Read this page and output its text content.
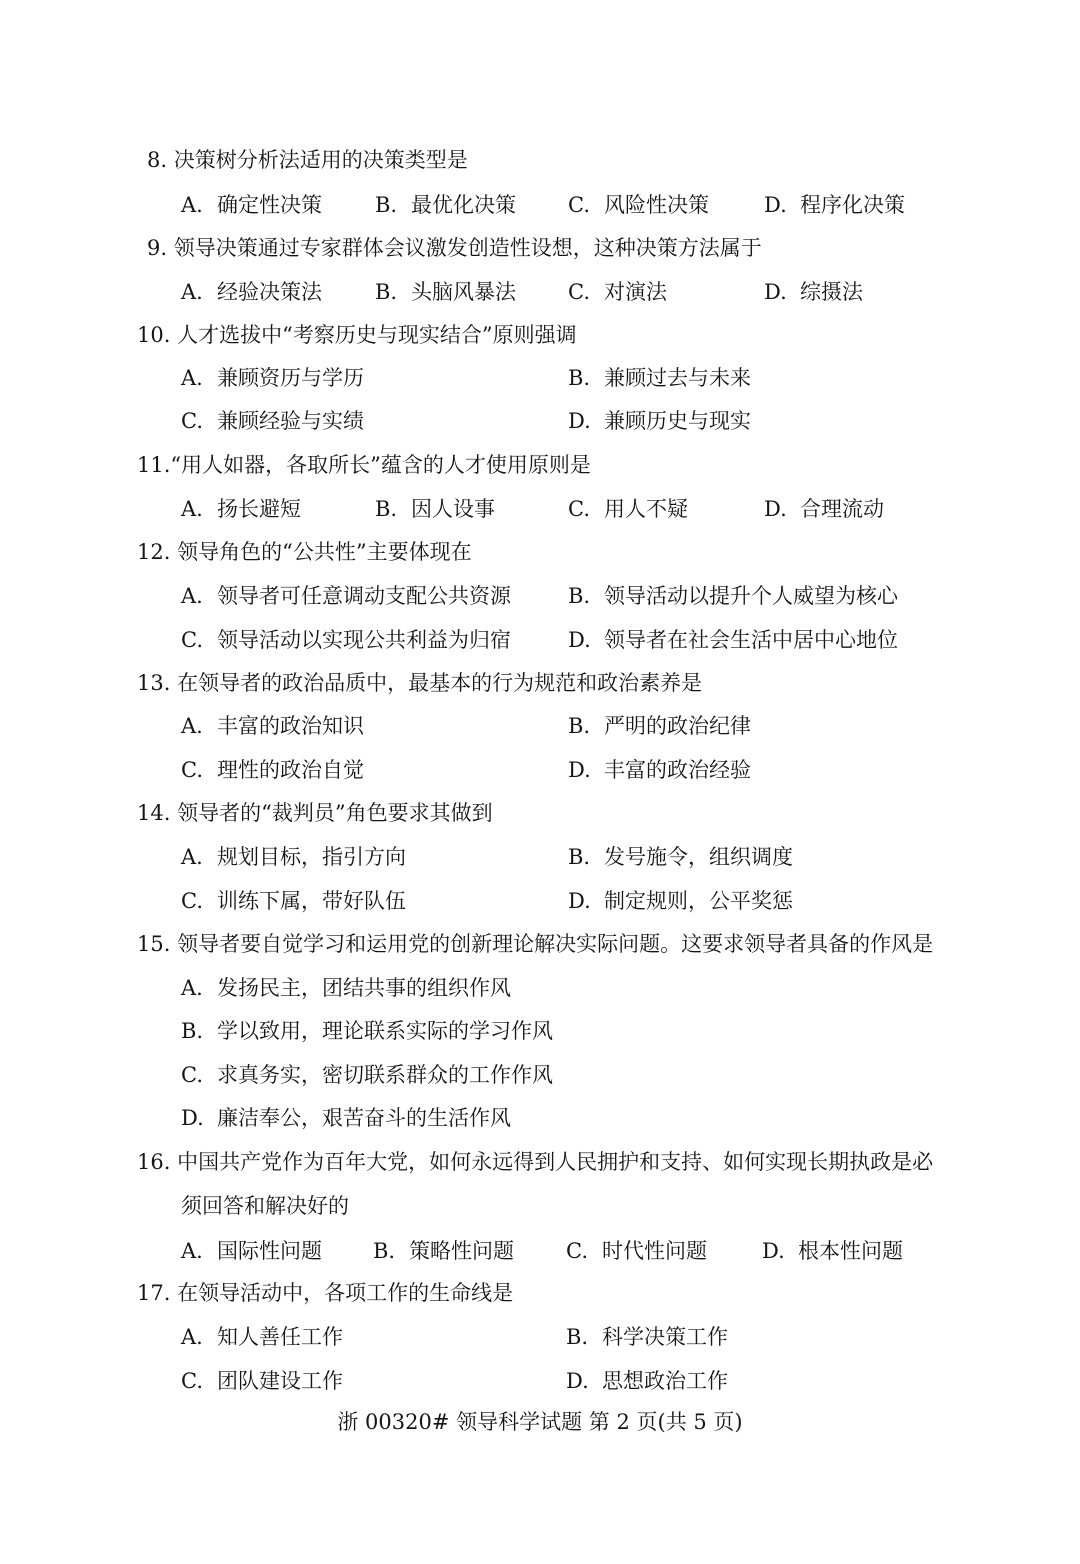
8. 决策树分析法适用的决策类型是
A. 确定性决策	B. 最优化决策 C. 风险性决策	D. 程序化决策
9. 领导决策通过专家群体会议激发创造性设想，这种决策方法属于
A. 经验决策法	B. 头脑风暴法 C. 对演法	D. 综摄法
10. 人才选拔中“考察历史与现实结合”原则强调
A. 兼顾资历与学历	B. 兼顾过去与未来
C. 兼顾经验与实绩	D. 兼顾历史与现实
11.“用人如器，各取所长”蕴含的人才使用原则是
A. 扬长避短	B. 因人设事	C. 用人不疑	D. 合理流动
12. 领导角色的“公共性”主要体现在
A. 领导者可任意调动支配公共资源	B. 领导活动以提升个人威望为核心
C. 领导活动以实现公共利益为归宿	D. 领导者在社会生活中居中心地位
13. 在领导者的政治品质中，最基本的行为规范和政治素养是
A. 丰富的政治知识	B. 严明的政治纪律
C. 理性的政治自觉	D. 丰富的政治经验
14. 领导者的“裁判员”角色要求其做到
A. 规划目标，指引方向	B. 发号施令，组织调度
C. 训练下属，带好队伍	D. 制定规则，公平奖惩
15. 领导者要自觉学习和运用党的创新理论解决实际问题。这要求领导者具备的作风是
A. 发扬民主，团结共事的组织作风
B. 学以致用，理论联系实际的学习作风
C. 求真务实，密切联系群众的工作作风
D. 廉洁奉公，艰苦奋斗的生活作风
16. 中国共产党作为百年大党，如何永远得到人民拥护和支持、如何实现长期执政是必
须回答和解决好的
A. 国际性问题 B. 策略性问题 C. 时代性问题	D. 根本性问题
17. 在领导活动中，各项工作的生命线是
A. 知人善任工作	B. 科学决策工作
C. 团队建设工作	D. 思想政治工作
浙 00320# 领导科学试题 第 2 页(共 5 页)
